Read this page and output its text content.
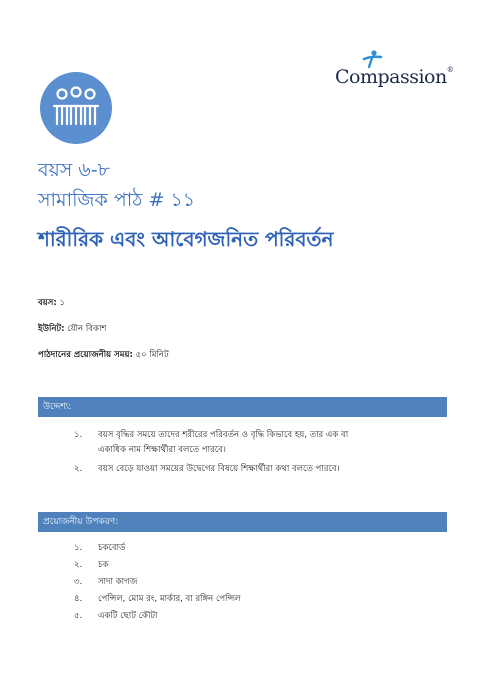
Compassion®
বয়স ৬-৮
সামাজিক পাঠ # ১১
শারীরিক এবং আবেগজনিত পরিবর্তন
বয়স: ১
ইউনিট: যৌন বিকাশ
পাঠদানের প্রয়োজনীয় সময়: ৫০ মিনিট
উদ্দেশ্য:
১.	বয়স বৃদ্ধির সময়ে তাদের শরীরের পরিবর্তন ও বৃদ্ধি কিভাবে হয়, তার এক বা একাধিক নাম শিক্ষার্থীরা বলতে পারবে।
২.	বয়স বেড়ে যাওয়া সময়ের উদ্বেগের বিষয়ে শিক্ষার্থীরা কথা বলতে পারবে।
প্রয়োজনীয় উপকরণ:
১.	চকবোর্ড
২.	চক
৩.	সাদা কাগজ
৪.	পেন্সিল, মোম রং, মার্কার, বা রঙ্গিন পেন্সিল
৫.	একটি ছোট কৌটা
